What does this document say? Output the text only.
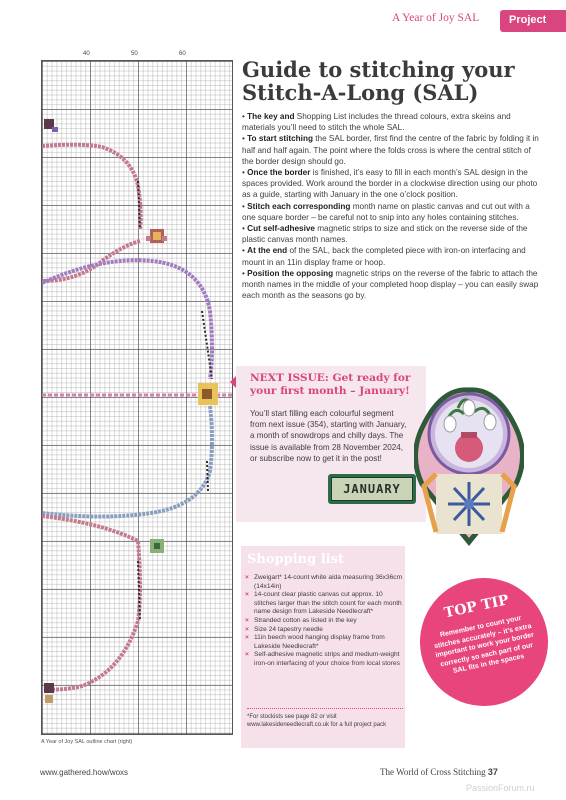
A Year of Joy SAL	Project
40	50	60
A Year of Joy SAL outline chart (right)
Guide to stitching your
Stitch-A-Long (SAL)

• The key and Shopping List includes the thread colours, extra skeins and materials you’ll need to stitch the whole SAL.

• To start stitching the SAL border, first find the centre of the fabric by folding it in half and half again. The point where the folds cross is where the central stitch of the border design should go.

• Once the border is finished, it’s easy to fill in each month’s SAL design in the spaces provided. Work around the border in a clockwise direction using our photo as a guide, starting with January in the one o’clock position.

• Stitch each corresponding month name on plastic canvas and cut out with a one square border – be careful not to snip into any holes containing stitches.

• Cut self-adhesive magnetic strips to size and stick on the reverse side of the plastic canvas month names.

• At the end of the SAL, back the completed piece with iron-on interfacing and mount in an 11in display frame or hoop.

• Position the opposing magnetic strips on the reverse of the fabric to attach the month names in the middle of your completed hoop display – you can easily swap each month as the seasons go by.

NEXT ISSUE: Get ready for your first month – January!
You’ll start filling each colourful segment from next issue (354), starting with January, a month of snowdrops and chilly days. The issue is available from 28 November 2024, or subscribe now to get it in the post!
JANUARY
Shopping list
× Zweigart* 14-count white aida measuring 36x36cm (14x14in)
× 14-count clear plastic canvas cut approx. 10 stitches larger than the stitch count for each month name design from Lakeside Needlecraft*
× Stranded cotton as listed in the key
× Size 24 tapestry needle
× 11in beech wood hanging display frame from Lakeside Needlecraft*
× Self-adhesive magnetic strips and medium-weight iron-on interfacing of your choice from local stores
*For stockists see page 82 or visit www.lakesideneedlecraft.co.uk for a full project pack
TOP TIP
Remember to count your stitches accurately – it’s extra important to work your border correctly so each part of our SAL fits in the spaces
www.gathered.how/woxs	The World of Cross Stitching 37
PassionForum.ru
